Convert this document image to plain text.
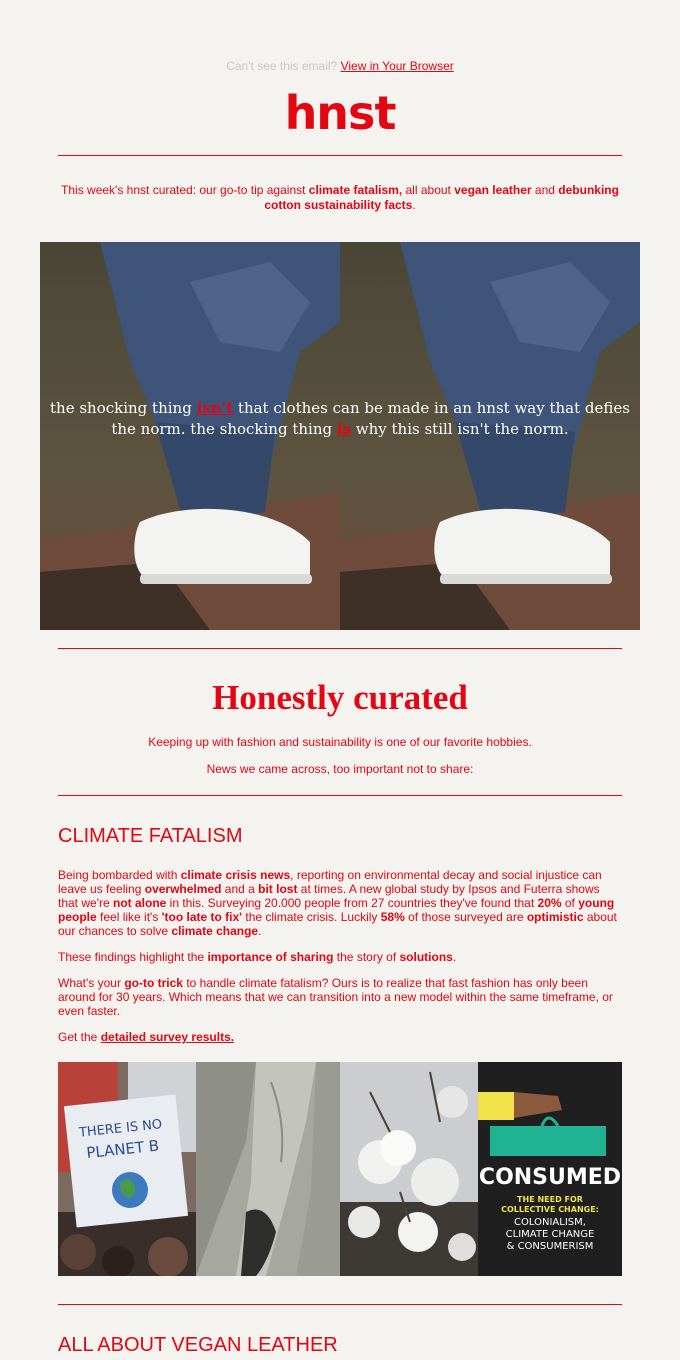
Can't see this email? View in Your Browser
hnst

This week's hnst curated: our go-to tip against climate fatalism, all about vegan leather and debunking cotton sustainability facts.

the shocking thing isn't that clothes can be made in an hnst way that defies the norm. the shocking thing is why this still isn't the norm.
Honestly curated

Keeping up with fashion and sustainability is one of our favorite hobbies.

News we came across, too important not to share:

CLIMATE FATALISM

Being bombarded with climate crisis news, reporting on environmental decay and social injustice can leave us feeling overwhelmed and a bit lost at times. A new global study by Ipsos and Futerra shows that we're not alone in this. Surveying 20.000 people from 27 countries they've found that 20% of young people feel like it's 'too late to fix' the climate crisis. Luckily 58% of those surveyed are optimistic about our chances to solve climate change.

These findings highlight the importance of sharing the story of solutions.

What's your go-to trick to handle climate fatalism? Ours is to realize that fast fashion has only been around for 30 years. Which means that we can transition into a new model within the same timeframe, or even faster.

Get the detailed survey results.

THERE IS NO
PLANET B
CONSUMED
THE NEED FOR
COLLECTIVE CHANGE:
COLONIALISM,
CLIMATE CHANGE
& CONSUMERISM
ALL ABOUT VEGAN LEATHER
